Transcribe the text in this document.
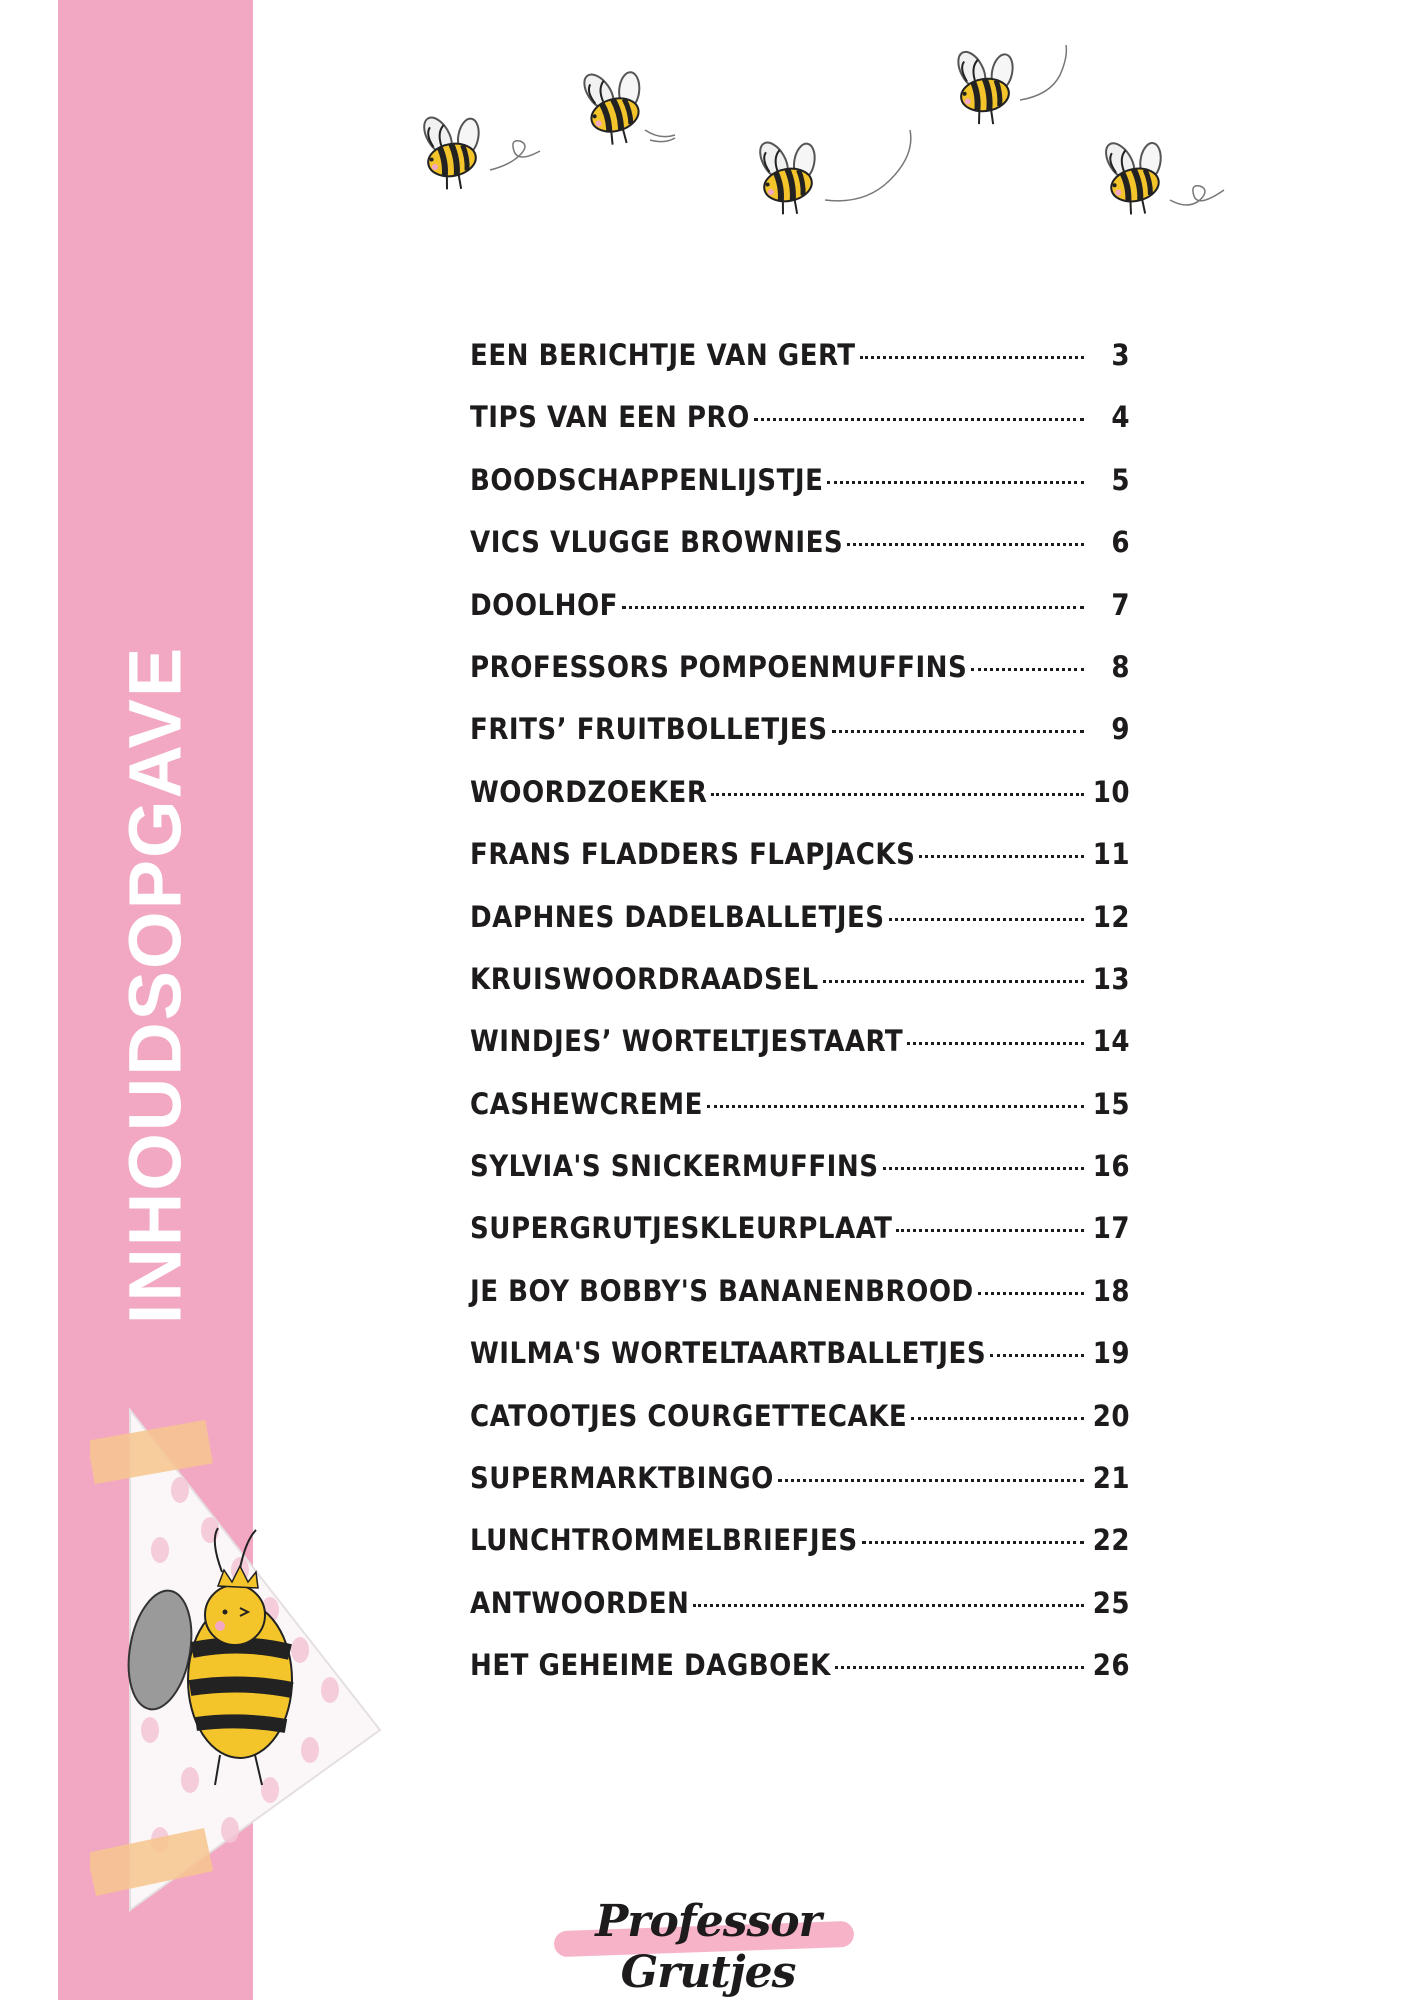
INHOUDSOPGAVE
EEN BERICHTJE VAN GERT	3
TIPS VAN EEN PRO	4
BOODSCHAPPENLIJSTJE	5
VICS VLUGGE BROWNIES	6
DOOLHOF	7
PROFESSORS POMPOENMUFFINS	8
FRITS’ FRUITBOLLETJES	9
WOORDZOEKER	10
FRANS FLADDERS FLAPJACKS	11
DAPHNES DADELBALLETJES	12
KRUISWOORDRAADSEL	13
WINDJES’ WORTELTJESTAART	14
CASHEWCREME	15
SYLVIA'S SNICKERMUFFINS	16
SUPERGRUTJESKLEURPLAAT	17
JE BOY BOBBY'S BANANENBROOD	18
WILMA'S WORTELTAARTBALLETJES	19
CATOOTJES COURGETTECAKE	20
SUPERMARKTBINGO	21
LUNCHTROMMELBRIEFJES	22
ANTWOORDEN	25
HET GEHEIME DAGBOEK	26
Professor Grutjes
